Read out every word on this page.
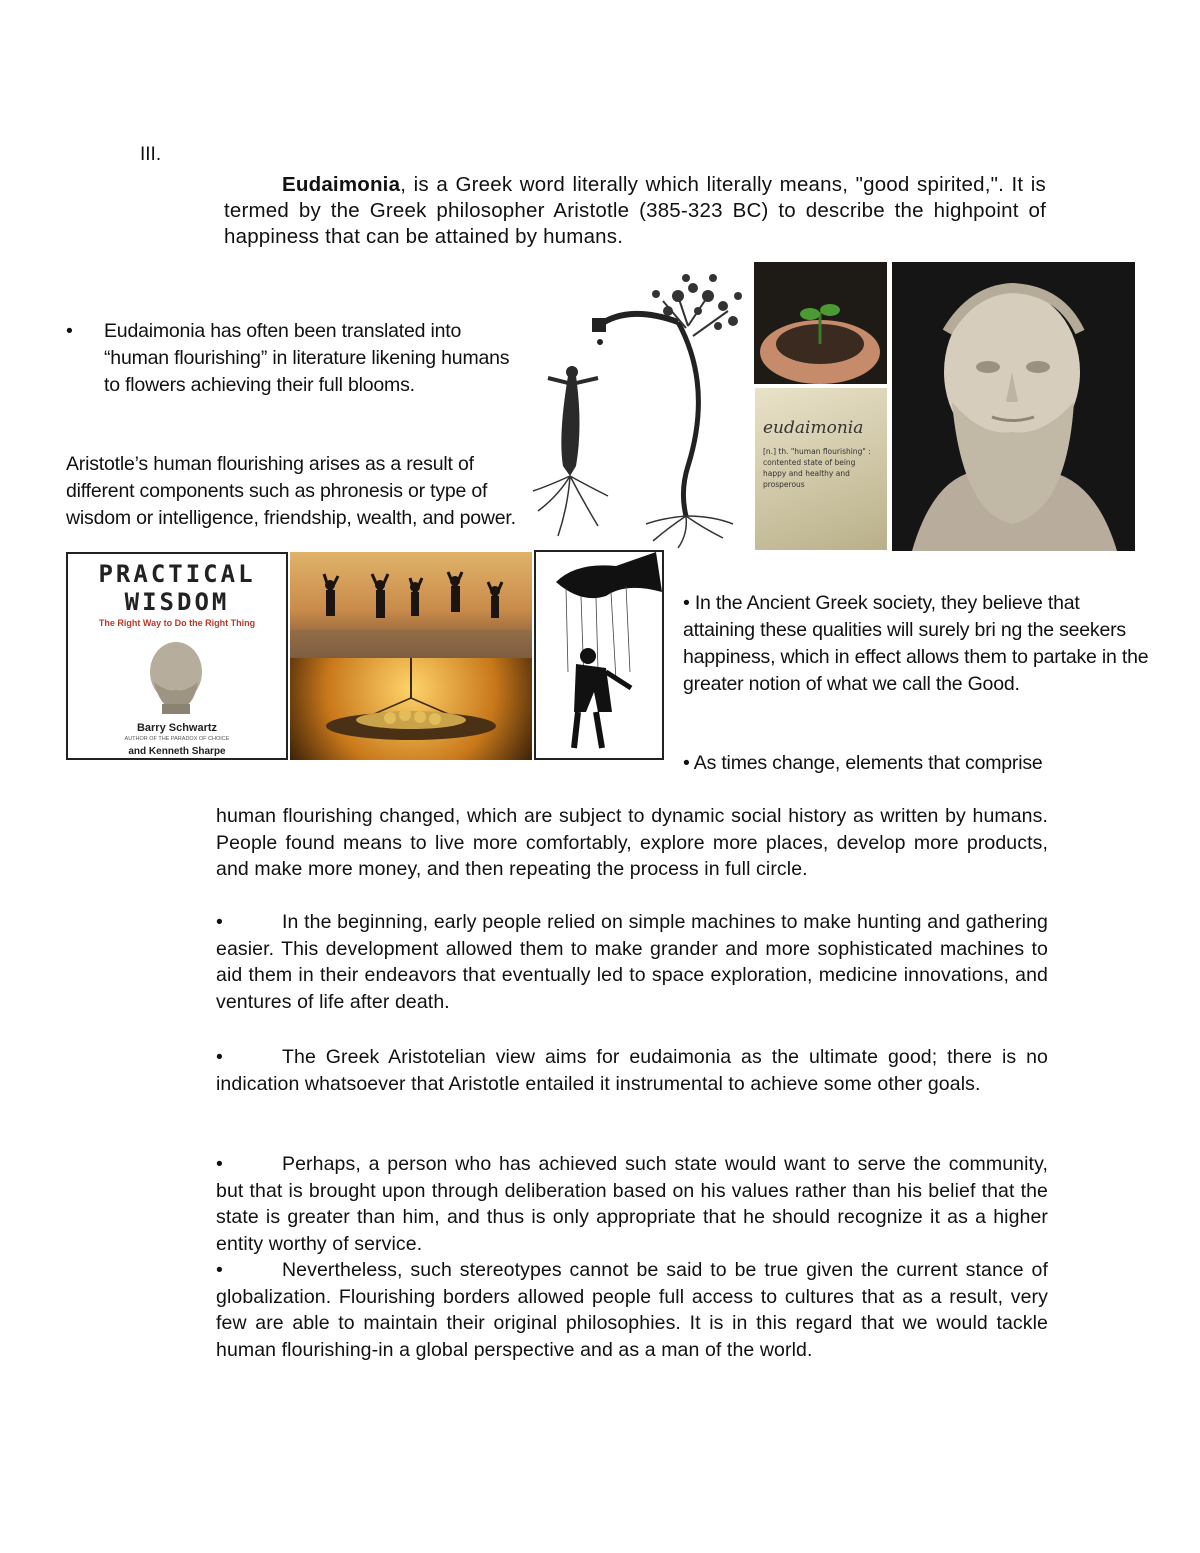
III.
Eudaimonia, is a Greek word literally which literally means, "good spirited,". It is termed by the Greek philosopher Aristotle (385-323 BC) to describe the highpoint of happiness that can be attained by humans.
•	Eudaimonia has often been translated into “human flourishing” in literature likening humans to flowers achieving their full blooms.
Aristotle’s human flourishing arises as a result of different components such as phronesis or type of wisdom or intelligence, friendship, wealth, and power.
eudaimonia
[n.] th. "human flourishing" : contented state of being happy and healthy and prosperous
PRACTICAL
WISDOM
The Right Way to Do the Right Thing
Barry Schwartz
AUTHOR OF THE PARADOX OF CHOICE
and Kenneth Sharpe
• In the Ancient Greek society, they believe that attaining these qualities will surely bri ng the seekers happiness, which in effect allows them to partake in the greater notion of what we call the Good.
• As times change, elements that comprise
human flourishing changed, which are subject to dynamic social history as written by humans. People found means to live more comfortably, explore more places, develop more products, and make more money, and then repeating the process in full circle.
•	In the beginning, early people relied on simple machines to make hunting and gathering easier. This development allowed them to make grander and more sophisticated machines to aid them in their endeavors that eventually led to space exploration, medicine innovations, and ventures of life after death.
•	The Greek Aristotelian view aims for eudaimonia as the ultimate good; there is no indication whatsoever that Aristotle entailed it instrumental to achieve some other goals.
•	Perhaps, a person who has achieved such state would want to serve the community, but that is brought upon through deliberation based on his values rather than his belief that the state is greater than him, and thus is only appropriate that he should recognize it as a higher entity worthy of service.
•	Nevertheless, such stereotypes cannot be said to be true given the current stance of globalization. Flourishing borders allowed people full access to cultures that as a result, very few are able to maintain their original philosophies. It is in this regard that we would tackle human flourishing-in a global perspective and as a man of the world.
